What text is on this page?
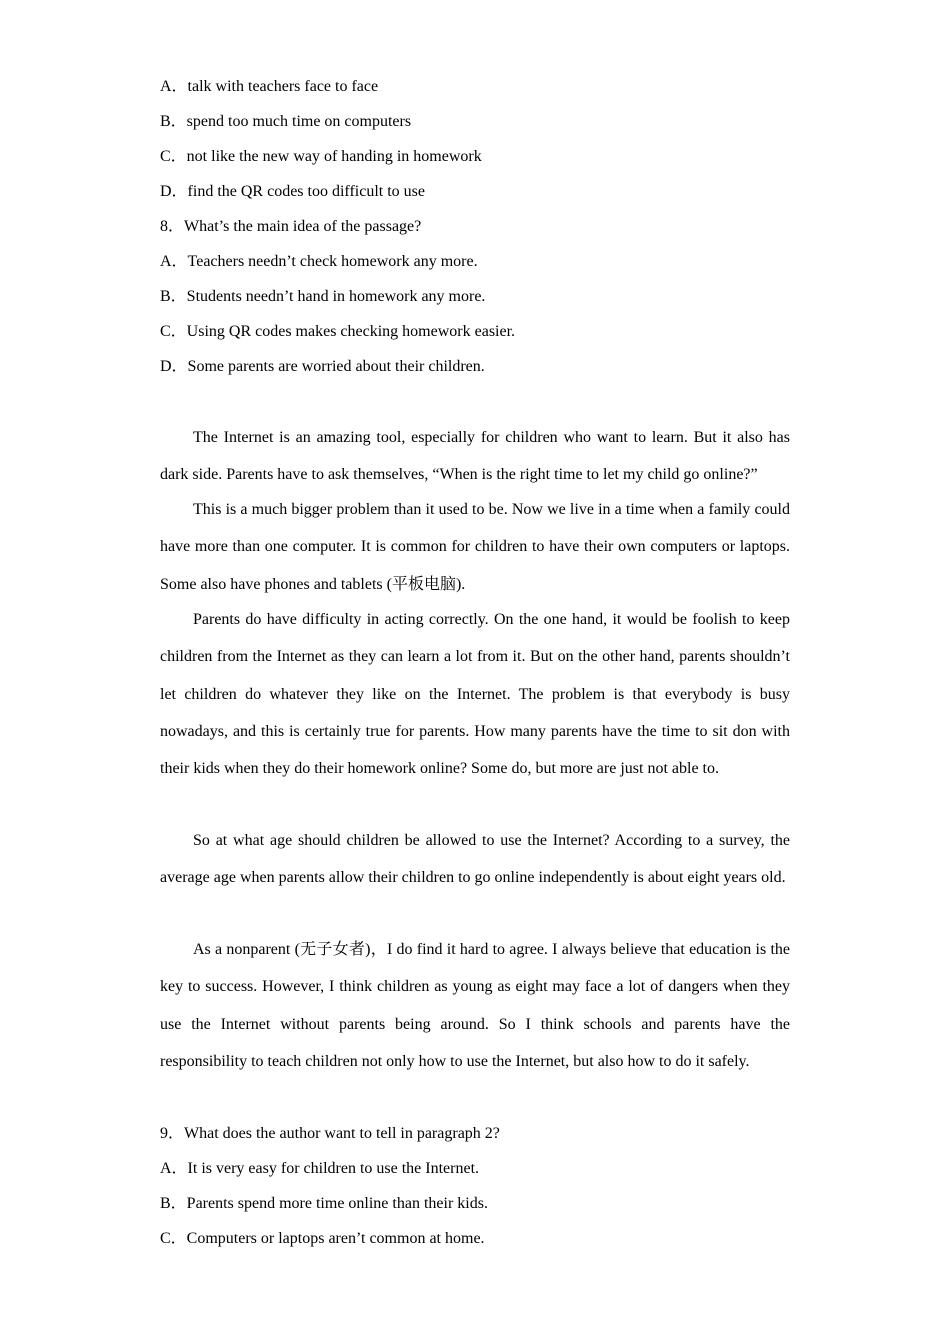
A．talk with teachers face to face
B．spend too much time on computers
C．not like the new way of handing in homework
D．find the QR codes too difficult to use
8．What’s the main idea of the passage?
A．Teachers needn’t check homework any more.
B．Students needn’t hand in homework any more.
C．Using QR codes makes checking homework easier.
D．Some parents are worried about their children.
The Internet is an amazing tool, especially for children who want to learn. But it also has dark side. Parents have to ask themselves, “When is the right time to let my child go online?”
This is a much bigger problem than it used to be. Now we live in a time when a family could have more than one computer. It is common for children to have their own computers or laptops. Some also have phones and tablets (平板电脑).
Parents do have difficulty in acting correctly. On the one hand, it would be foolish to keep children from the Internet as they can learn a lot from it. But on the other hand, parents shouldn’t let children do whatever they like on the Internet. The problem is that everybody is busy nowadays, and this is certainly true for parents. How many parents have the time to sit don with their kids when they do their homework online? Some do, but more are just not able to.
So at what age should children be allowed to use the Internet? According to a survey, the average age when parents allow their children to go online independently is about eight years old.
As a nonparent (无子女者)，I do find it hard to agree. I always believe that education is the key to success. However, I think children as young as eight may face a lot of dangers when they use the Internet without parents being around. So I think schools and parents have the responsibility to teach children not only how to use the Internet, but also how to do it safely.
9．What does the author want to tell in paragraph 2?
A．It is very easy for children to use the Internet.
B．Parents spend more time online than their kids.
C．Computers or laptops aren’t common at home.
